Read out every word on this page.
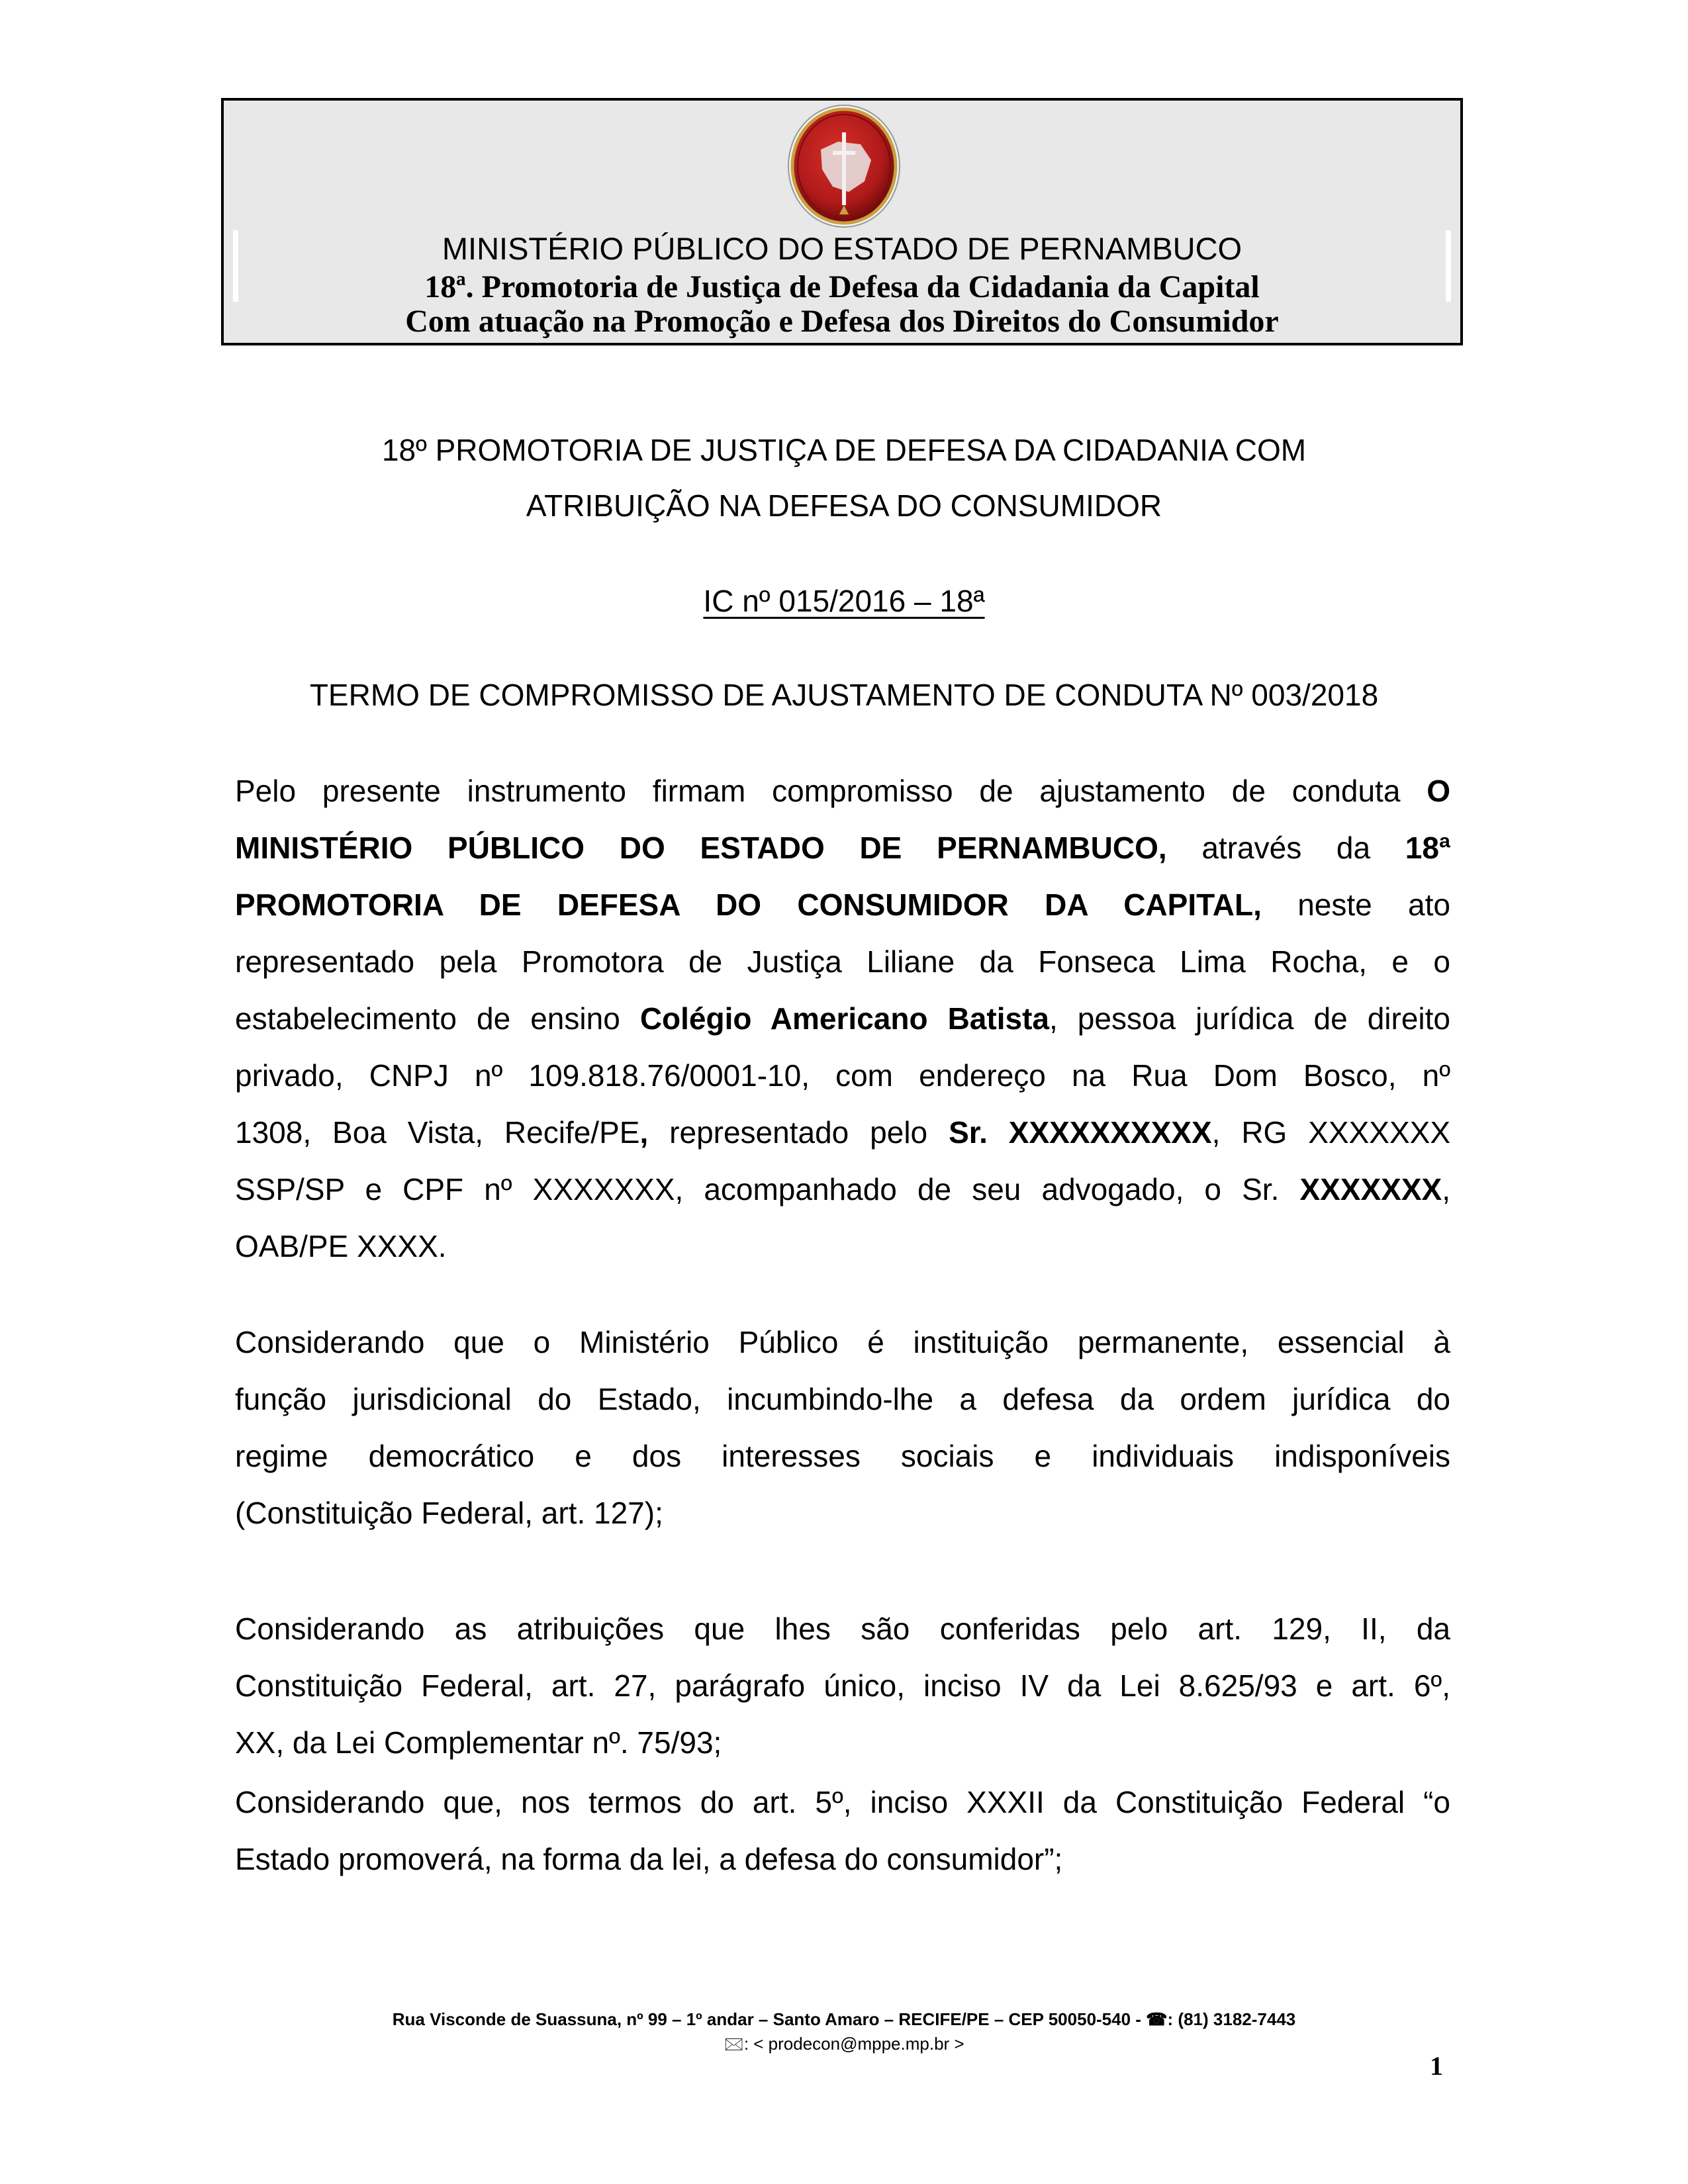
MINISTÉRIO PÚBLICO DO ESTADO DE PERNAMBUCO
18ª. Promotoria de Justiça de Defesa da Cidadania da Capital
Com atuação na Promoção e Defesa dos Direitos do Consumidor
18º PROMOTORIA DE JUSTIÇA DE DEFESA DA CIDADANIA COM
ATRIBUIÇÃO NA DEFESA DO CONSUMIDOR
IC nº 015/2016 – 18ª
TERMO DE COMPROMISSO DE AJUSTAMENTO DE CONDUTA Nº 003/2018
Pelo presente instrumento firmam compromisso de ajustamento de conduta O
MINISTÉRIO PÚBLICO DO ESTADO DE PERNAMBUCO, através da 18ª
PROMOTORIA DE DEFESA DO CONSUMIDOR DA CAPITAL, neste ato
representado pela Promotora de Justiça Liliane da Fonseca Lima Rocha, e o
estabelecimento de ensino Colégio Americano Batista, pessoa jurídica de direito
privado, CNPJ nº 109.818.76/0001-10, com endereço na Rua Dom Bosco, nº
1308, Boa Vista, Recife/PE, representado pelo Sr. XXXXXXXXXX, RG XXXXXXX
SSP/SP e CPF nº XXXXXXX, acompanhado de seu advogado, o Sr. XXXXXXX,
OAB/PE XXXX.
Considerando que o Ministério Público é instituição permanente, essencial à
função jurisdicional do Estado, incumbindo-lhe a defesa da ordem jurídica do
regime democrático e dos interesses sociais e individuais indisponíveis
(Constituição Federal, art. 127);
Considerando as atribuições que lhes são conferidas pelo art. 129, II, da
Constituição Federal, art. 27, parágrafo único, inciso IV da Lei 8.625/93 e art. 6º,
XX, da Lei Complementar nº. 75/93;
Considerando que, nos termos do art. 5º, inciso XXXII da Constituição Federal “o
Estado promoverá, na forma da lei, a defesa do consumidor”;
Rua Visconde de Suassuna, nº 99 – 1º andar – Santo Amaro – RECIFE/PE – CEP 50050-540 - ☎: (81) 3182-7443
🖂: < prodecon@mppe.mp.br >
1
